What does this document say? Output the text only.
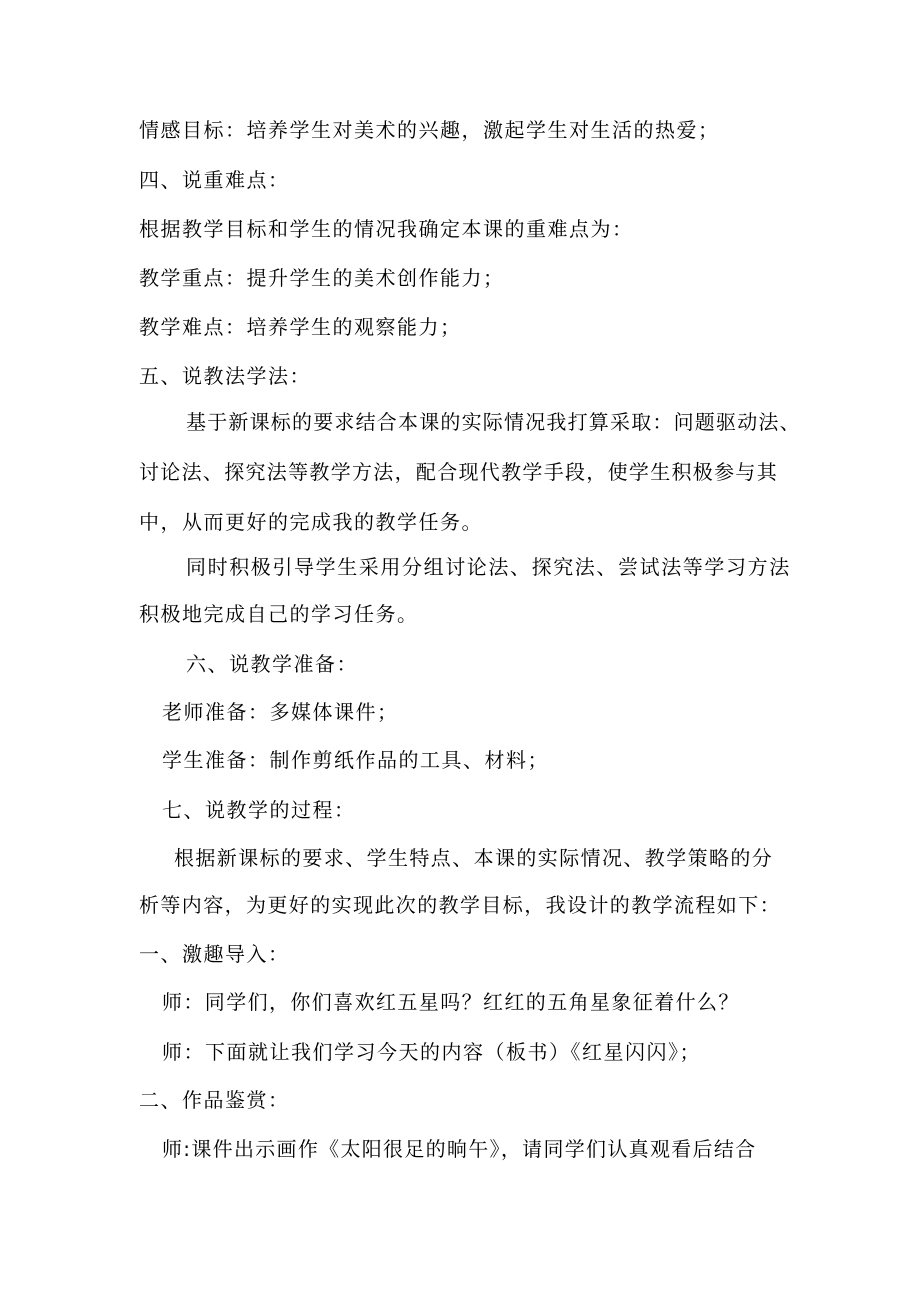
情感目标：培养学生对美术的兴趣，激起学生对生活的热爱；
四、说重难点：
根据教学目标和学生的情况我确定本课的重难点为：
教学重点：提升学生的美术创作能力；
教学难点：培养学生的观察能力；
五、说教法学法：
基于新课标的要求结合本课的实际情况我打算采取：问题驱动法、
讨论法、探究法等教学方法，配合现代教学手段，使学生积极参与其
中，从而更好的完成我的教学任务。
同时积极引导学生采用分组讨论法、探究法、尝试法等学习方法
积极地完成自己的学习任务。
六、说教学准备：
老师准备：多媒体课件；
学生准备：制作剪纸作品的工具、材料；
七、说教学的过程：
根据新课标的要求、学生特点、本课的实际情况、教学策略的分
析等内容，为更好的实现此次的教学目标，我设计的教学流程如下：
一、激趣导入：
师：同学们，你们喜欢红五星吗？红红的五角星象征着什么？
师：下面就让我们学习今天的内容（板书）《红星闪闪》；
二、作品鉴赏：
师:课件出示画作《太阳很足的晌午》，请同学们认真观看后结合
